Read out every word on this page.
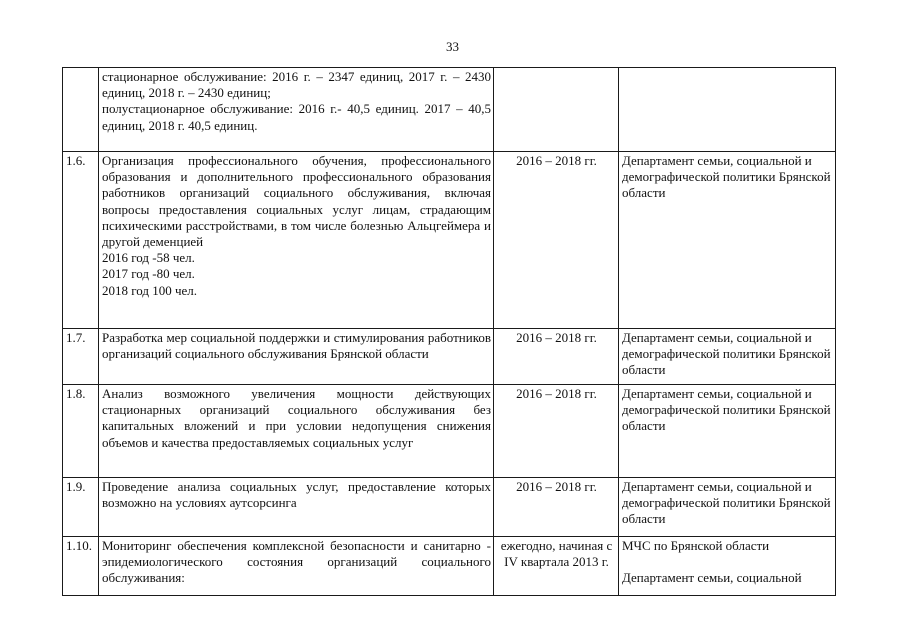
33

	стационарное обслуживание: 2016 г. – 2347 единиц, 2017 г. – 2430 единиц, 2018 г. – 2430 единиц;

полустационарное обслуживание: 2016 г.- 40,5 единиц. 2017 – 40,5 единиц, 2018 г. 40,5 единиц.		

1.6.	Организация профессионального обучения, профессионального образования и дополнительного профессионального образования работников организаций социального обслуживания, включая вопросы предоставления социальных услуг лицам, страдающим психическими расстройствами, в том числе болезнью Альцгеймера и другой деменцией

2016 год -58 чел.
2017 год -80 чел.
2018 год 100 чел.	2016 – 2018 гг.	Департамент семьи, социальной и демографической политики Брянской области
1.7.	Разработка мер социальной поддержки и стимулирования работников организаций социального обслуживания Брянской области	2016 – 2018 гг.	Департамент семьи, социальной и демографической политики Брянской области
1.8.	Анализ возможного увеличения мощности действующих стационарных организаций социального обслуживания без капитальных вложений и при условии недопущения снижения объемов и качества предоставляемых социальных услуг	2016 – 2018 гг.	Департамент семьи, социальной и демографической политики Брянской области
1.9.	Проведение анализа социальных услуг, предоставление которых возможно на условиях аутсорсинга	2016 – 2018 гг.	Департамент семьи, социальной и демографической политики Брянской области
1.10.	Мониторинг обеспечения комплексной безопасности и санитарно - эпидемиологического состояния организаций социального обслуживания:	ежегодно, начиная с IV квартала 2013 г.	МЧС по Брянской области
Департамент семьи, социальной
